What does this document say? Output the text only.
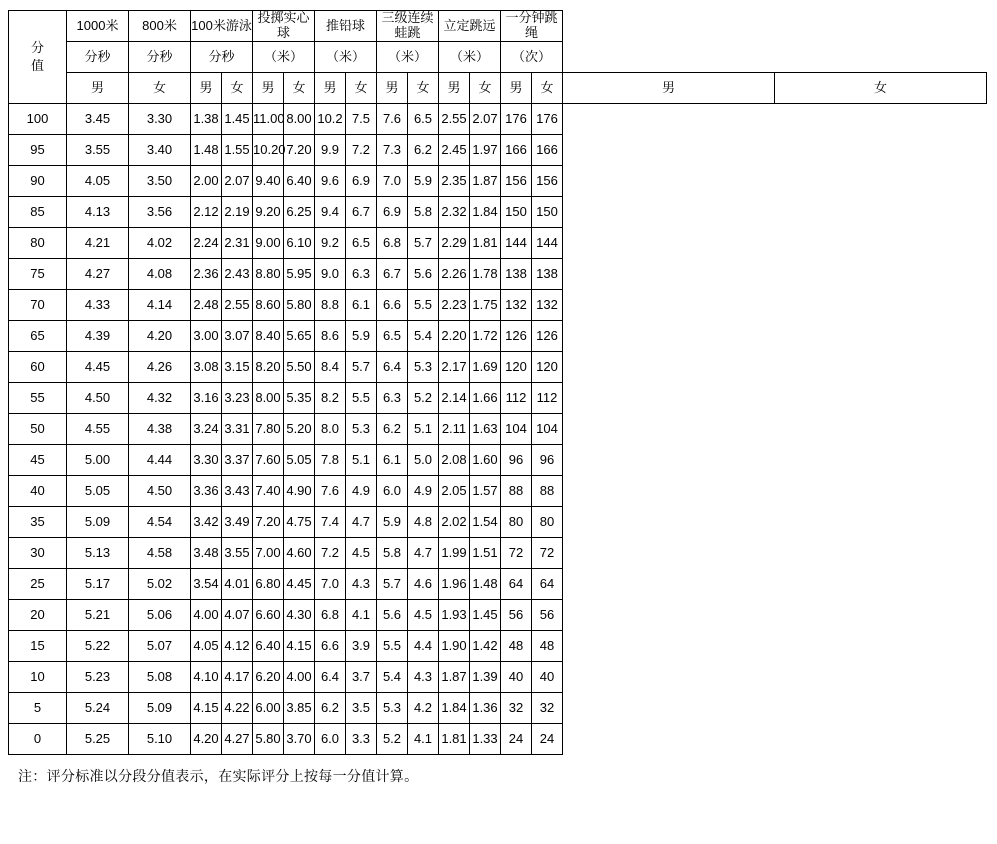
分
值	1000米	800米	100米游泳		投掷实心球		推铅球		三级连续蛙跳		立定跳远		一分钟跳绳			
	分秒	分秒	分秒		（米）		（米）		（米）		（米）		（次）			
	男	女	男	女	男	女	男	女	男	女	男	女	男	女	男	女
100	3.45	3.30	1.38	1.45	11.00	8.00	10.2	7.5	7.6	6.5	2.55	2.07	176	176		
95	3.55	3.40	1.48	1.55	10.20	7.20	9.9	7.2	7.3	6.2	2.45	1.97	166	166		
90	4.05	3.50	2.00	2.07	9.40	6.40	9.6	6.9	7.0	5.9	2.35	1.87	156	156		
85	4.13	3.56	2.12	2.19	9.20	6.25	9.4	6.7	6.9	5.8	2.32	1.84	150	150		
80	4.21	4.02	2.24	2.31	9.00	6.10	9.2	6.5	6.8	5.7	2.29	1.81	144	144		
75	4.27	4.08	2.36	2.43	8.80	5.95	9.0	6.3	6.7	5.6	2.26	1.78	138	138		
70	4.33	4.14	2.48	2.55	8.60	5.80	8.8	6.1	6.6	5.5	2.23	1.75	132	132		
65	4.39	4.20	3.00	3.07	8.40	5.65	8.6	5.9	6.5	5.4	2.20	1.72	126	126		
60	4.45	4.26	3.08	3.15	8.20	5.50	8.4	5.7	6.4	5.3	2.17	1.69	120	120		
55	4.50	4.32	3.16	3.23	8.00	5.35	8.2	5.5	6.3	5.2	2.14	1.66	112	112		
50	4.55	4.38	3.24	3.31	7.80	5.20	8.0	5.3	6.2	5.1	2.11	1.63	104	104		
45	5.00	4.44	3.30	3.37	7.60	5.05	7.8	5.1	6.1	5.0	2.08	1.60	96	96		
40	5.05	4.50	3.36	3.43	7.40	4.90	7.6	4.9	6.0	4.9	2.05	1.57	88	88		
35	5.09	4.54	3.42	3.49	7.20	4.75	7.4	4.7	5.9	4.8	2.02	1.54	80	80		
30	5.13	4.58	3.48	3.55	7.00	4.60	7.2	4.5	5.8	4.7	1.99	1.51	72	72		
25	5.17	5.02	3.54	4.01	6.80	4.45	7.0	4.3	5.7	4.6	1.96	1.48	64	64		
20	5.21	5.06	4.00	4.07	6.60	4.30	6.8	4.1	5.6	4.5	1.93	1.45	56	56		
15	5.22	5.07	4.05	4.12	6.40	4.15	6.6	3.9	5.5	4.4	1.90	1.42	48	48		
10	5.23	5.08	4.10	4.17	6.20	4.00	6.4	3.7	5.4	4.3	1.87	1.39	40	40		
5	5.24	5.09	4.15	4.22	6.00	3.85	6.2	3.5	5.3	4.2	1.84	1.36	32	32		
0	5.25	5.10	4.20	4.27	5.80	3.70	6.0	3.3	5.2	4.1	1.81	1.33	24	24		
注：评分标准以分段分值表示，在实际评分上按每一分值计算。
